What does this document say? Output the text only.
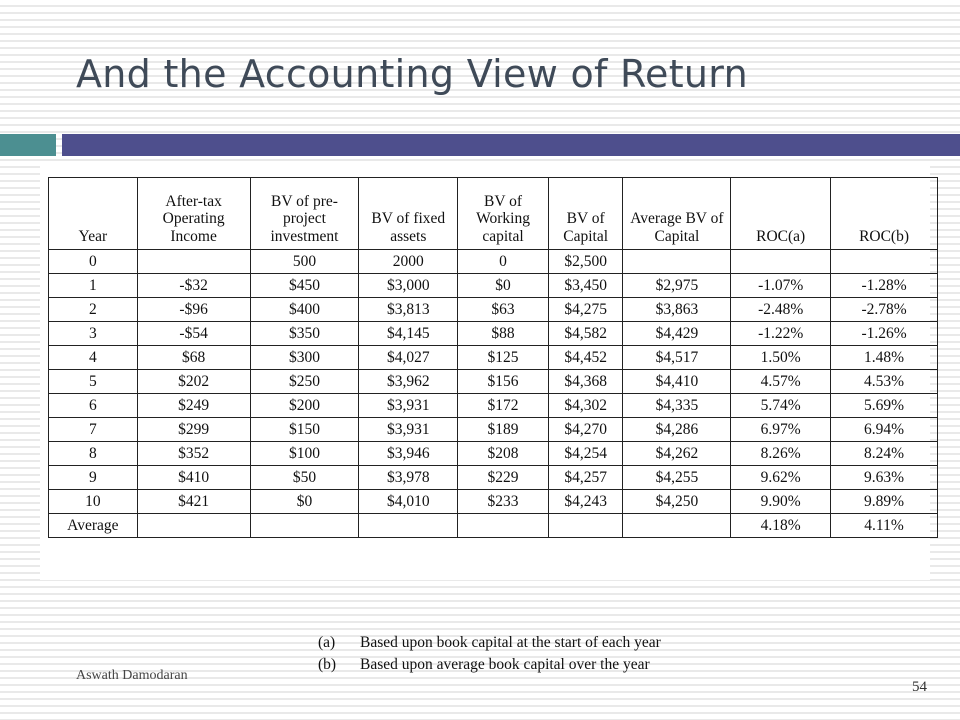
And the Accounting View of Return
Year	After-tax Operating Income	BV of pre-project investment	BV of fixed assets	BV of Working capital	BV of Capital	Average BV of Capital	ROC(a)	ROC(b)
0		500	2000	0	$2,500			
1	-$32	$450	$3,000	$0	$3,450	$2,975	-1.07%	-1.28%
2	-$96	$400	$3,813	$63	$4,275	$3,863	-2.48%	-2.78%
3	-$54	$350	$4,145	$88	$4,582	$4,429	-1.22%	-1.26%
4	$68	$300	$4,027	$125	$4,452	$4,517	1.50%	1.48%
5	$202	$250	$3,962	$156	$4,368	$4,410	4.57%	4.53%
6	$249	$200	$3,931	$172	$4,302	$4,335	5.74%	5.69%
7	$299	$150	$3,931	$189	$4,270	$4,286	6.97%	6.94%
8	$352	$100	$3,946	$208	$4,254	$4,262	8.26%	8.24%
9	$410	$50	$3,978	$229	$4,257	$4,255	9.62%	9.63%
10	$421	$0	$4,010	$233	$4,243	$4,250	9.90%	9.89%
Average							4.18%	4.11%
(a)	Based upon book capital at the start of each year
(b)	Based upon average book capital over the year
Aswath Damodaran
54
